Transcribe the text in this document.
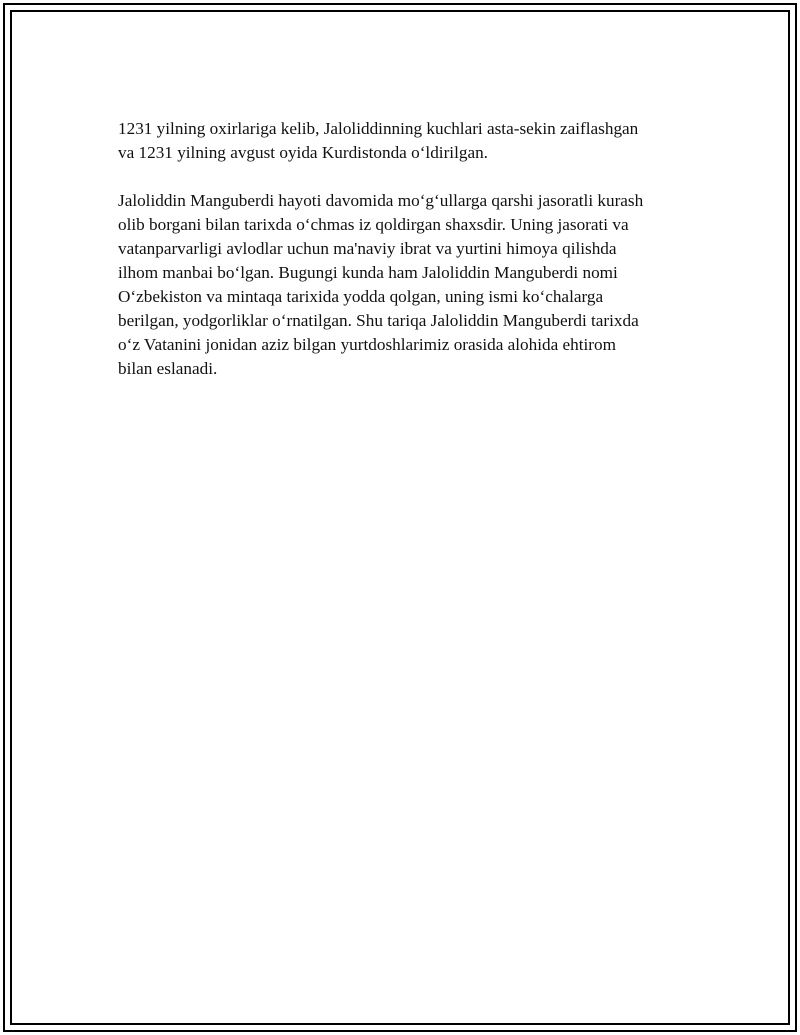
1231 yilning oxirlariga kelib, Jaloliddinning kuchlari asta-sekin zaiflashgan
va 1231 yilning avgust oyida Kurdistonda oʻldirilgan.

Jaloliddin Manguberdi hayoti davomida moʻgʻullarga qarshi jasoratli kurash
olib borgani bilan tarixda oʻchmas iz qoldirgan shaxsdir. Uning jasorati va
vatanparvarligi avlodlar uchun ma'naviy ibrat va yurtini himoya qilishda
ilhom manbai boʻlgan. Bugungi kunda ham Jaloliddin Manguberdi nomi
Oʻzbekiston va mintaqa tarixida yodda qolgan, uning ismi koʻchalarga
berilgan, yodgorliklar oʻrnatilgan. Shu tariqa Jaloliddin Manguberdi tarixda
oʻz Vatanini jonidan aziz bilgan yurtdoshlarimiz orasida alohida ehtirom
bilan eslanadi.
